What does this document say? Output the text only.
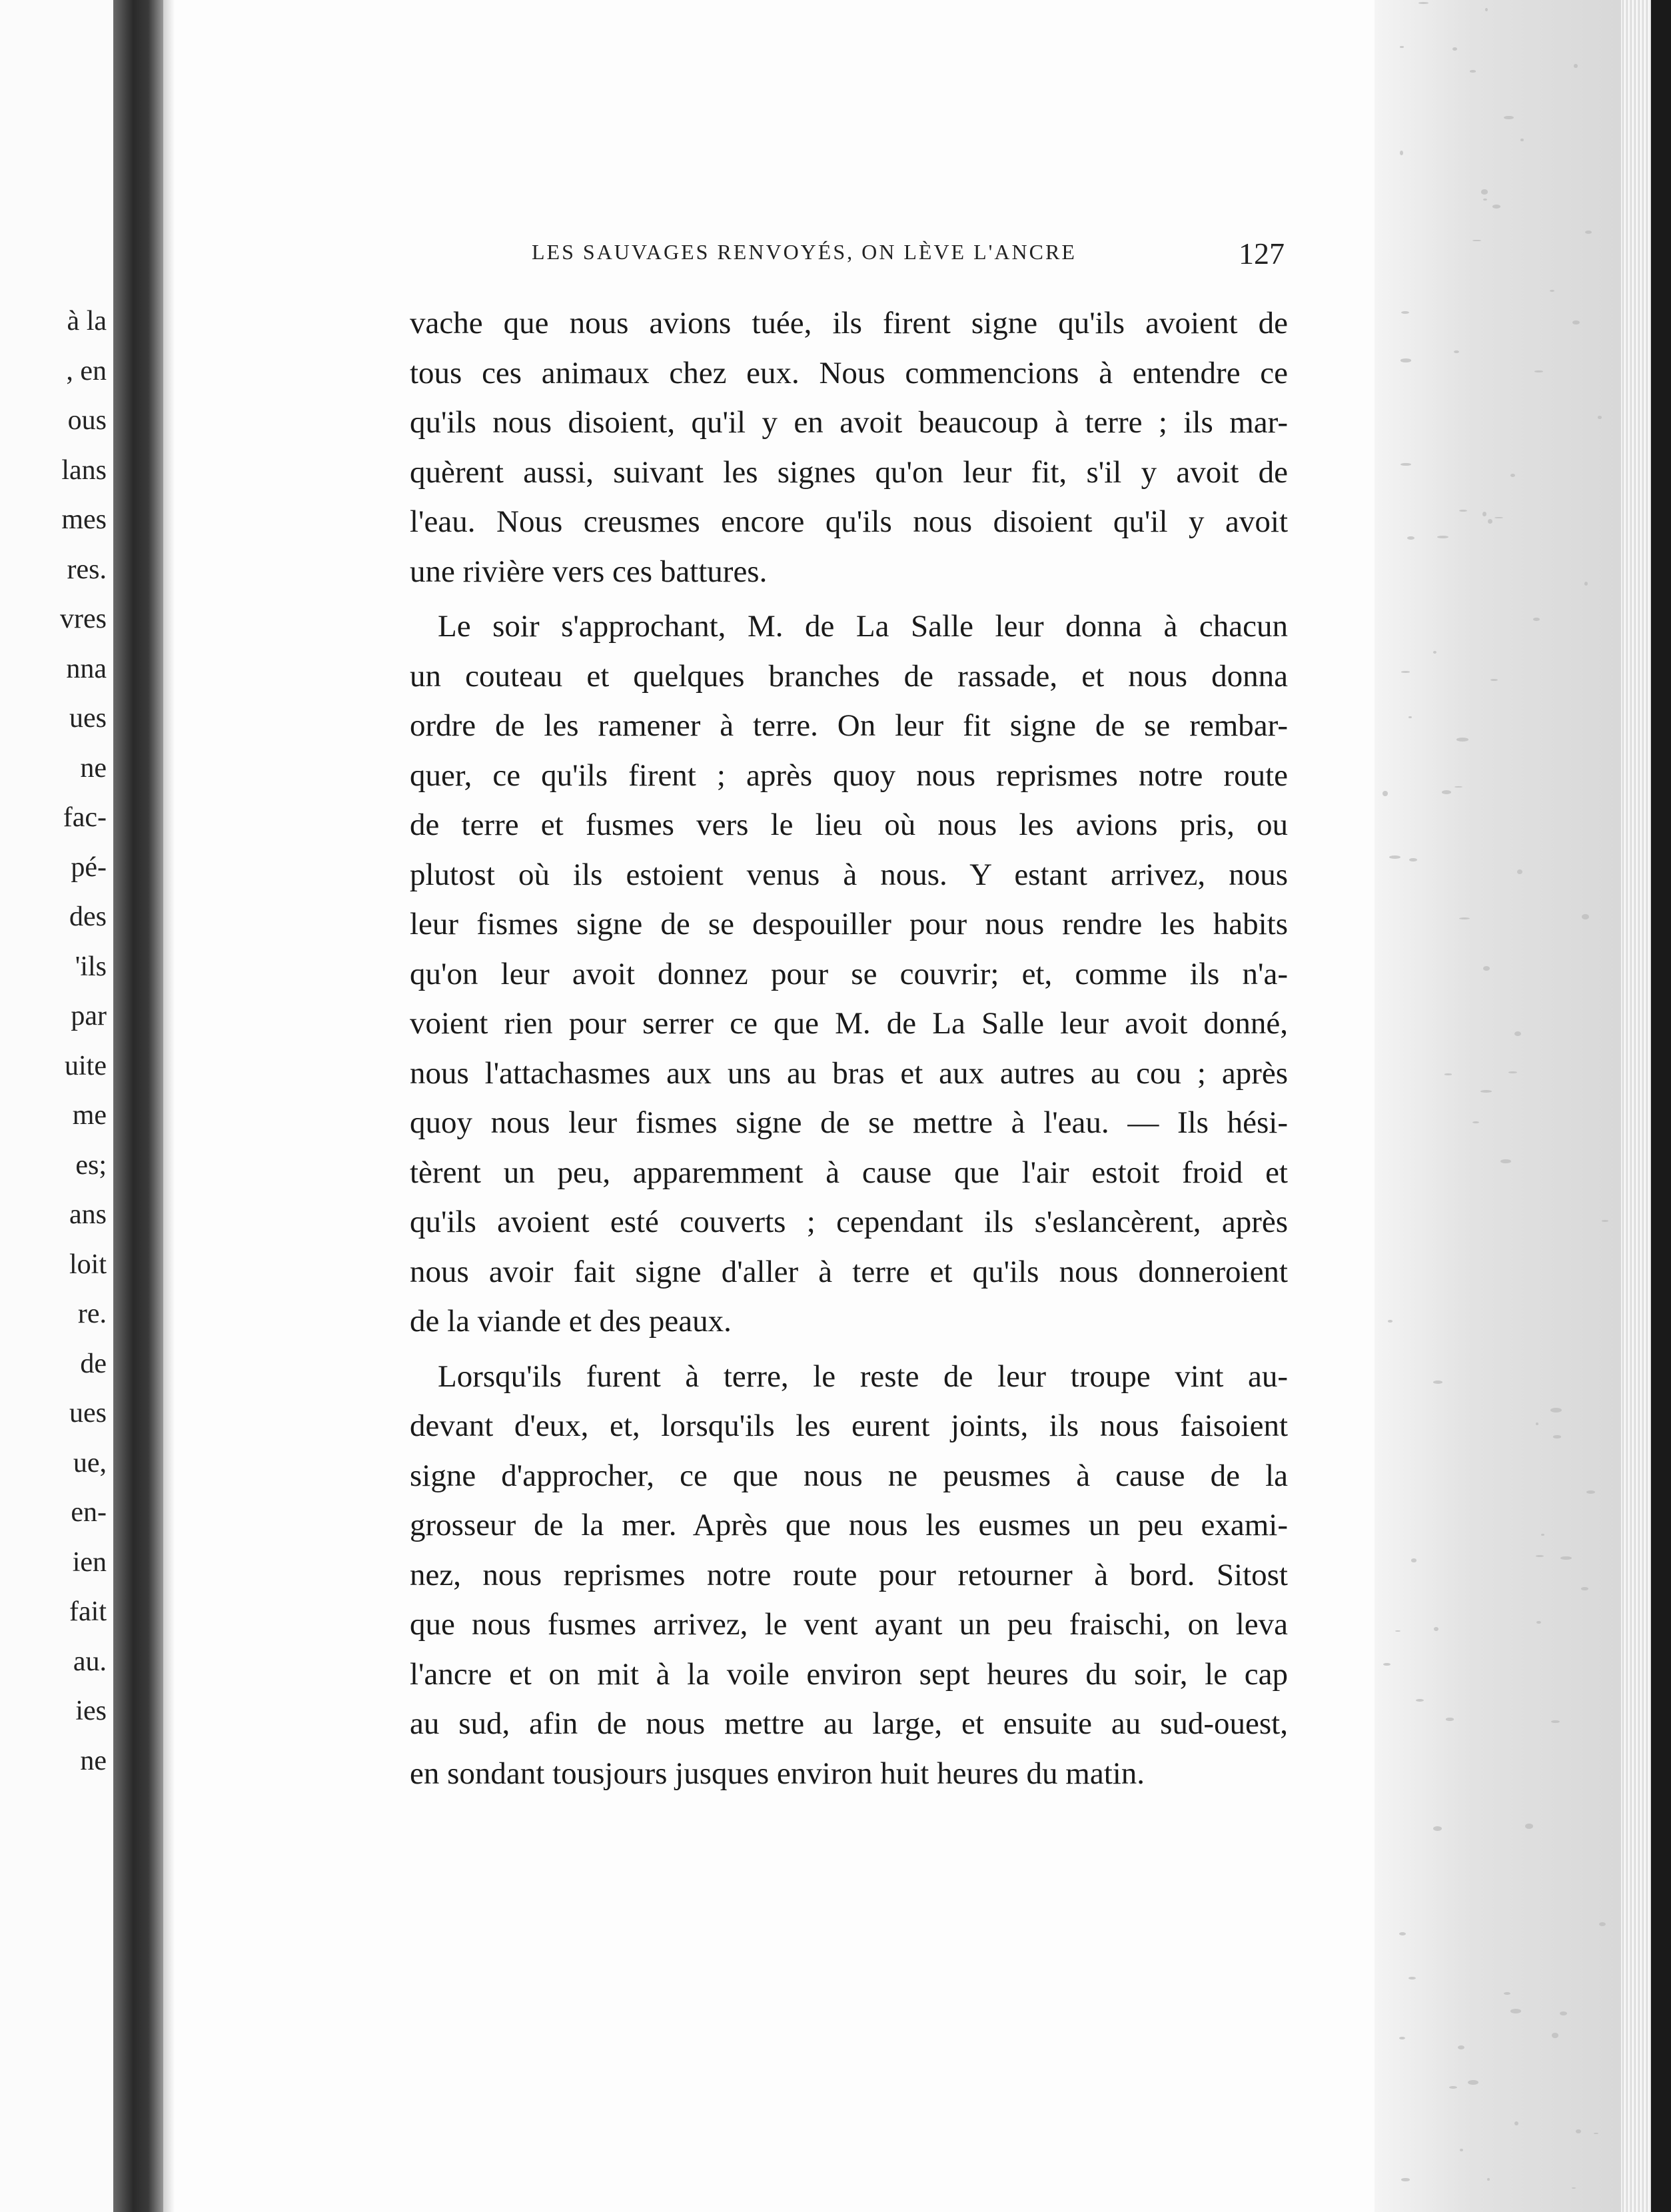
à la
, en
ous
lans
mes
res.
vres
nna
ues
ne
fac-
pé-
des
'ils
par
uite
me
es;
ans
loit
re.
de
ues
ue,
en-
ien
fait
au.
ies
ne
LES SAUVAGES RENVOYÉS, ON LÈVE L'ANCRE	127
vache que nous avions tuée, ils firent signe qu'ils avoient de
tous ces animaux chez eux. Nous commencions à entendre ce
qu'ils nous disoient, qu'il y en avoit beaucoup à terre ; ils mar-
quèrent aussi, suivant les signes qu'on leur fit, s'il y avoit de
l'eau. Nous creusmes encore qu'ils nous disoient qu'il y avoit
une rivière vers ces battures.
Le soir s'approchant, M. de La Salle leur donna à chacun
un couteau et quelques branches de rassade, et nous donna
ordre de les ramener à terre. On leur fit signe de se rembar-
quer, ce qu'ils firent ; après quoy nous reprismes notre route
de terre et fusmes vers le lieu où nous les avions pris, ou
plutost où ils estoient venus à nous. Y estant arrivez, nous
leur fismes signe de se despouiller pour nous rendre les habits
qu'on leur avoit donnez pour se couvrir; et, comme ils n'a-
voient rien pour serrer ce que M. de La Salle leur avoit donné,
nous l'attachasmes aux uns au bras et aux autres au cou ; après
quoy nous leur fismes signe de se mettre à l'eau. — Ils hési-
tèrent un peu, apparemment à cause que l'air estoit froid et
qu'ils avoient esté couverts ; cependant ils s'eslancèrent, après
nous avoir fait signe d'aller à terre et qu'ils nous donneroient
de la viande et des peaux.
Lorsqu'ils furent à terre, le reste de leur troupe vint au-
devant d'eux, et, lorsqu'ils les eurent joints, ils nous faisoient
signe d'approcher, ce que nous ne peusmes à cause de la
grosseur de la mer. Après que nous les eusmes un peu exami-
nez, nous reprismes notre route pour retourner à bord. Sitost
que nous fusmes arrivez, le vent ayant un peu fraischi, on leva
l'ancre et on mit à la voile environ sept heures du soir, le cap
au sud, afin de nous mettre au large, et ensuite au sud-ouest,
en sondant tousjours jusques environ huit heures du matin.
